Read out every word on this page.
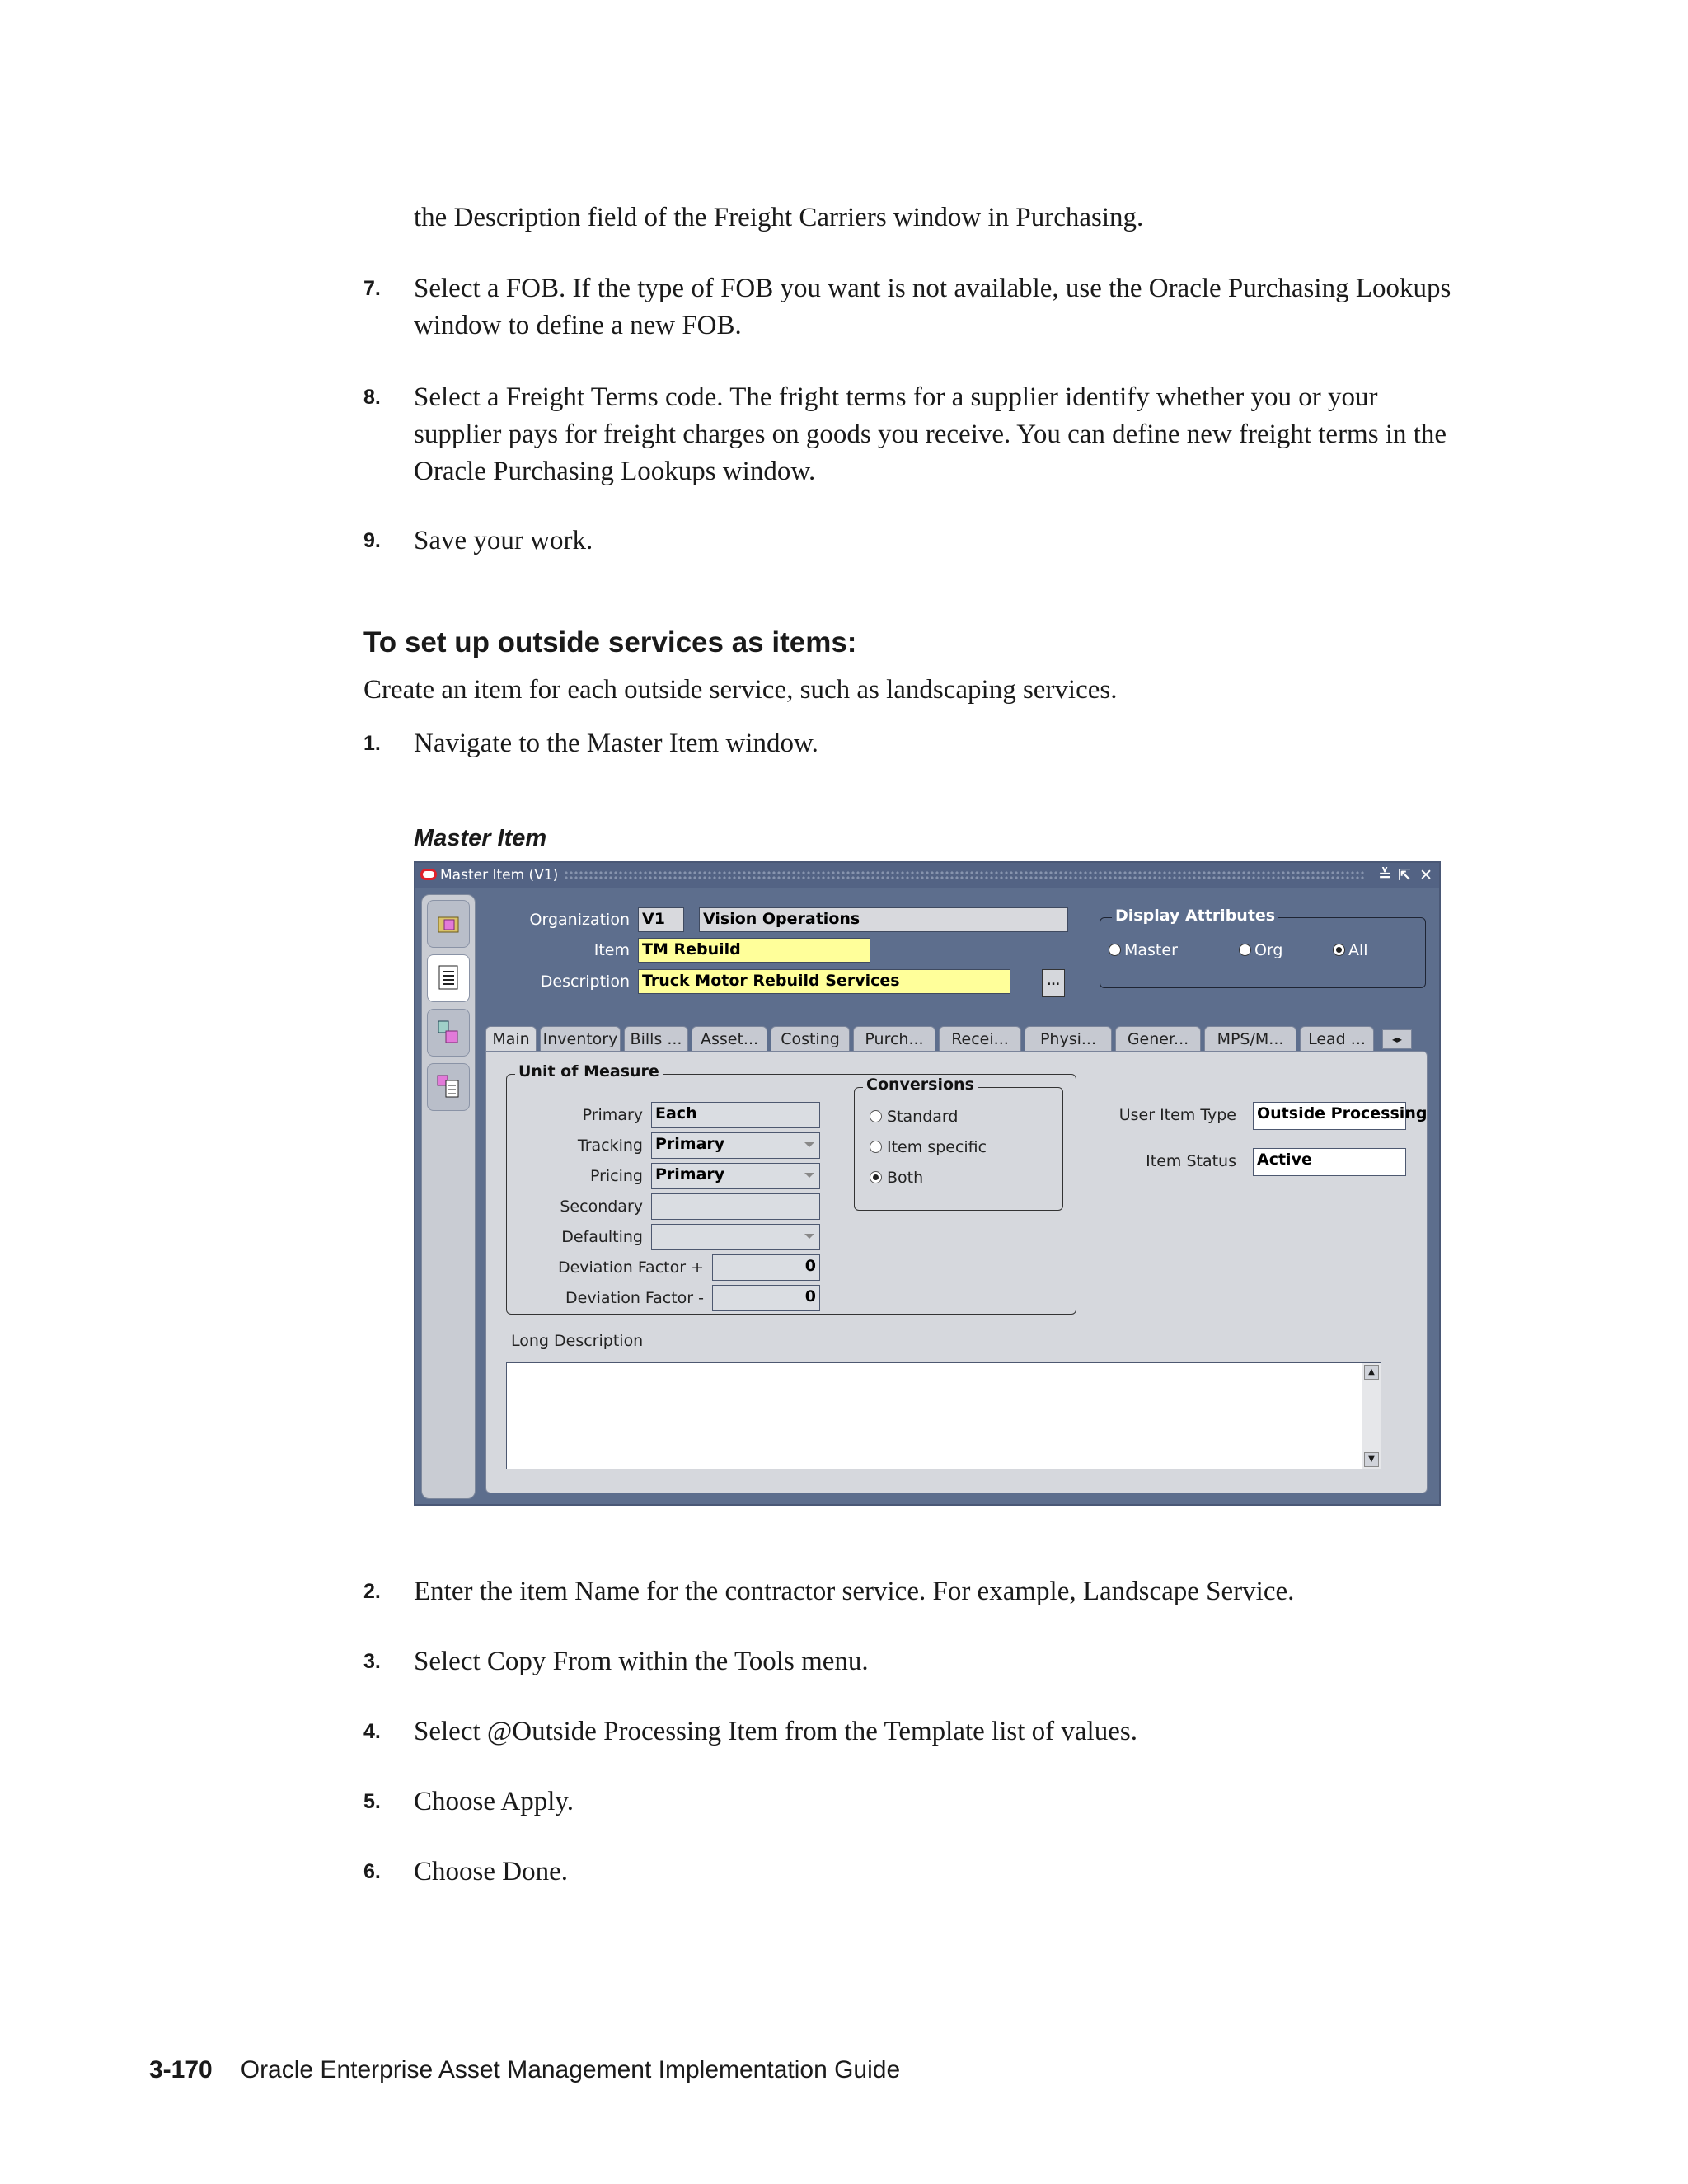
the Description field of the Freight Carriers window in Purchasing.
7. Select a FOB. If the type of FOB you want is not available, use the Oracle Purchasing Lookups window to define a new FOB.
8. Select a Freight Terms code. The fright terms for a supplier identify whether you or your supplier pays for freight charges on goods you receive. You can define new freight terms in the Oracle Purchasing Lookups window.
9. Save your work.
To set up outside services as items:
Create an item for each outside service, such as landscaping services.
1. Navigate to the Master Item window.
Master Item
Master Item (V1)	≚ ⇱ ✕
Organization V1	Vision Operations
Item TM Rebuild
Description Truck Motor Rebuild Services	...
Display Attributes
Master	Org	All
Main Inventory Bills ...	Asset...	Costing	Purch...	Recei...	Physi...	Gener...	MPS/M...	Lead ...	◂▸
Unit of Measure
Primary Each
Tracking Primary
Pricing Primary
Secondary
Defaulting
Deviation Factor +	0
Deviation Factor -	0
Conversions
Standard
Item specific
Both
User Item Type Outside Processing
Item Status Active
Long Description
▲
▼
2. Enter the item Name for the contractor service. For example, Landscape Service.
3. Select Copy From within the Tools menu.
4. Select @Outside Processing Item from the Template list of values.
5. Choose Apply.
6. Choose Done.
3-170 Oracle Enterprise Asset Management Implementation Guide
